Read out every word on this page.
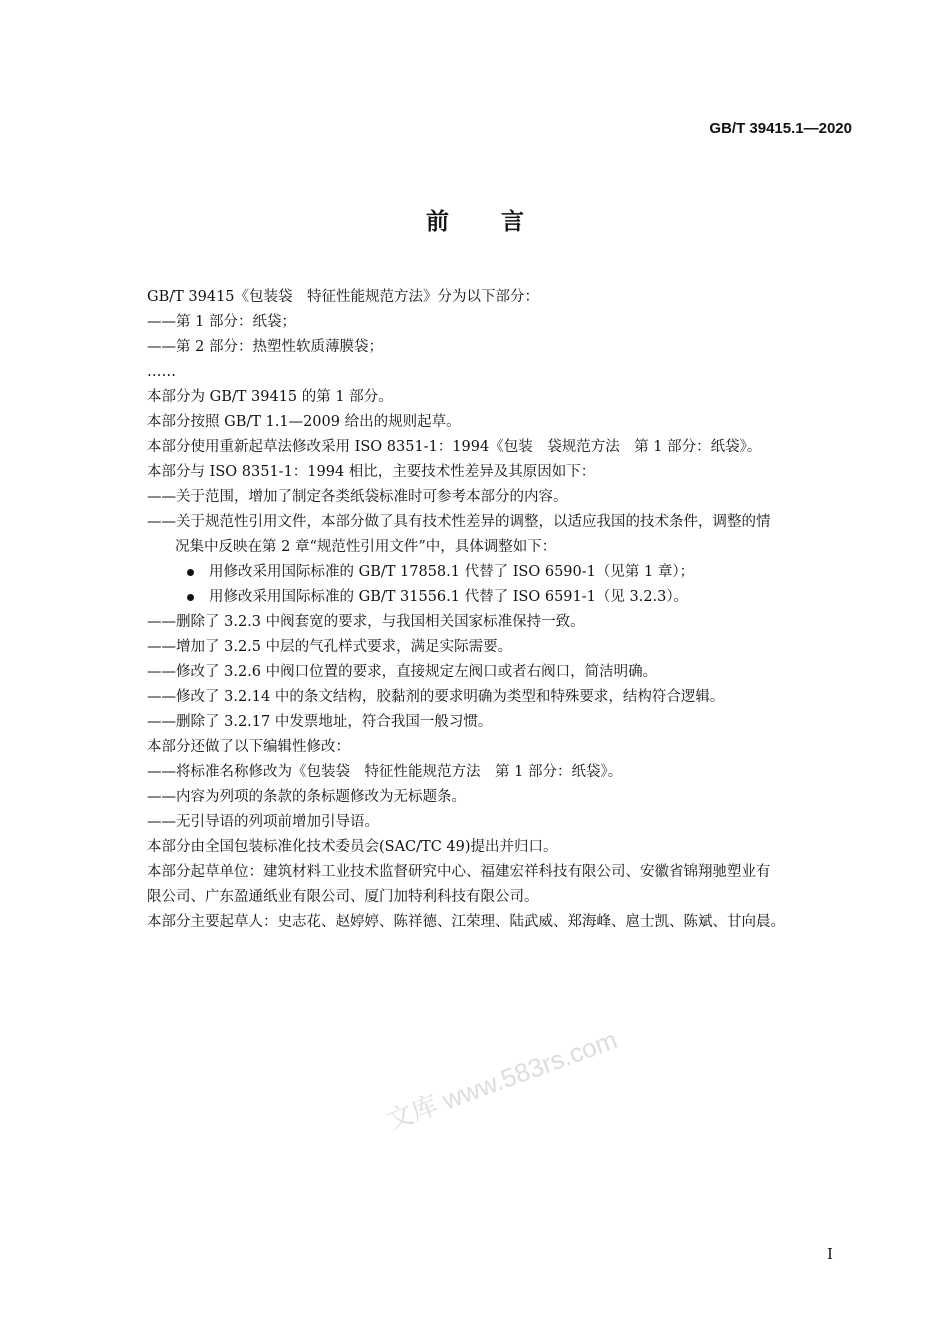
GB/T 39415.1—2020
前言
GB/T 39415《包装袋　特征性能规范方法》分为以下部分：
——第 1 部分：纸袋；
——第 2 部分：热塑性软质薄膜袋；
……
本部分为 GB/T 39415 的第 1 部分。
本部分按照 GB/T 1.1—2009 给出的规则起草。
本部分使用重新起草法修改采用 ISO 8351-1：1994《包装　袋规范方法　第 1 部分：纸袋》。
本部分与 ISO 8351-1：1994 相比，主要技术性差异及其原因如下：
——关于范围，增加了制定各类纸袋标准时可参考本部分的内容。
——关于规范性引用文件，本部分做了具有技术性差异的调整，以适应我国的技术条件，调整的情
况集中反映在第 2 章“规范性引用文件”中，具体调整如下：
用修改采用国际标准的 GB/T 17858.1 代替了 ISO 6590-1（见第 1 章）；
用修改采用国际标准的 GB/T 31556.1 代替了 ISO 6591-1（见 3.2.3）。
——删除了 3.2.3 中阀套宽的要求，与我国相关国家标准保持一致。
——增加了 3.2.5 中层的气孔样式要求，满足实际需要。
——修改了 3.2.6 中阀口位置的要求，直接规定左阀口或者右阀口，简洁明确。
——修改了 3.2.14 中的条文结构，胶黏剂的要求明确为类型和特殊要求，结构符合逻辑。
——删除了 3.2.17 中发票地址，符合我国一般习惯。
本部分还做了以下编辑性修改：
——将标准名称修改为《包装袋　特征性能规范方法　第 1 部分：纸袋》。
——内容为列项的条款的条标题修改为无标题条。
——无引导语的列项前增加引导语。
本部分由全国包装标准化技术委员会(SAC/TC 49)提出并归口。
本部分起草单位：建筑材料工业技术监督研究中心、福建宏祥科技有限公司、安徽省锦翔驰塑业有
限公司、广东盈通纸业有限公司、厦门加特利科技有限公司。
本部分主要起草人：史志花、赵婷婷、陈祥德、江荣理、陆武威、郑海峰、扈士凯、陈斌、甘向晨。
文库 www.583rs.com
I
